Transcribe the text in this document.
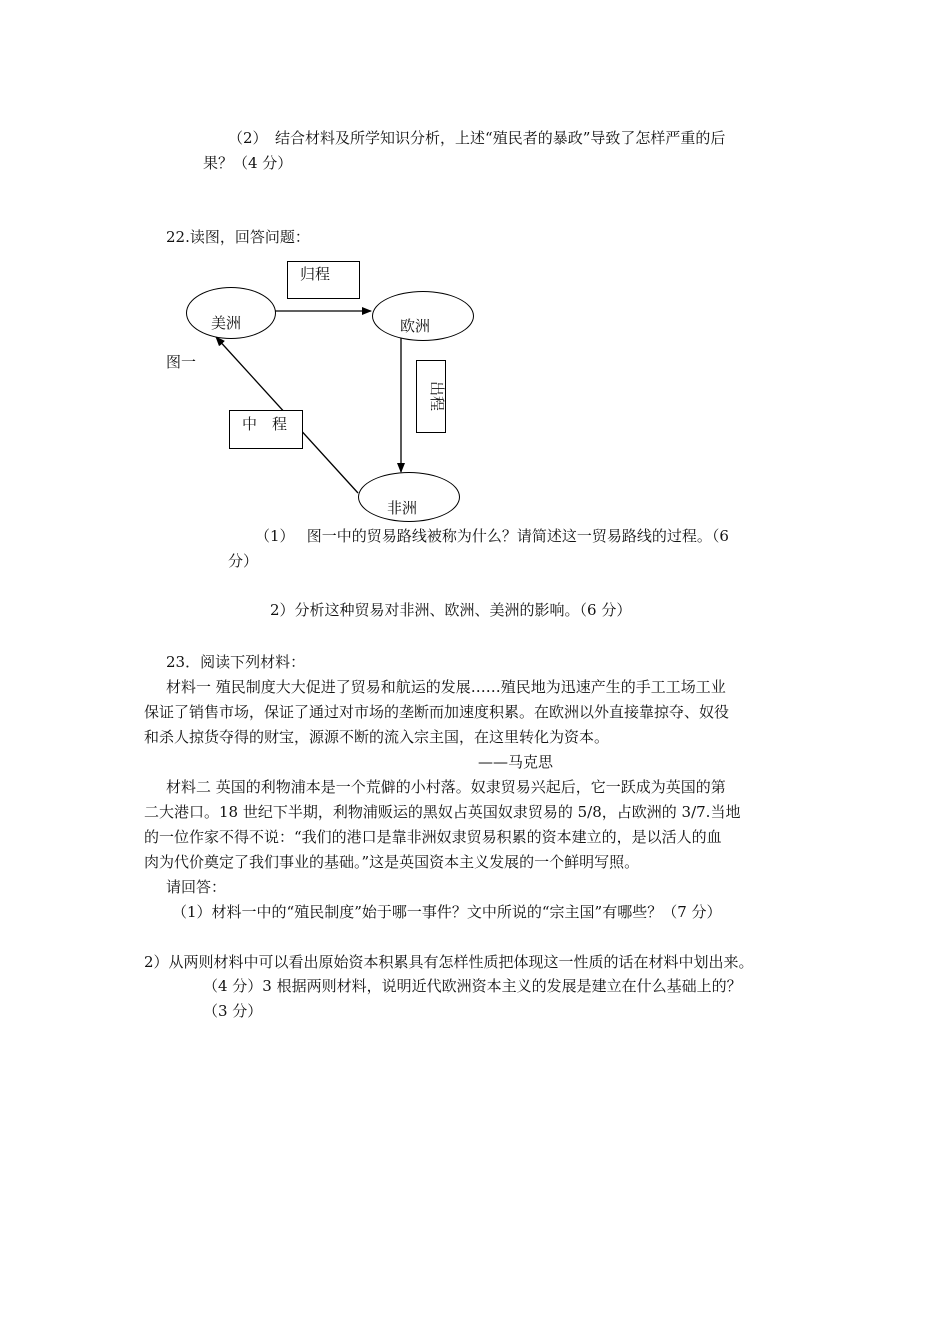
（2）　结合材料及所学知识分析，上述“殖民者的暴政”导致了怎样严重的后
果？（4 分）
22.读图，回答问题：
图一
归程
美洲	欧洲
出程
中　程
非洲
（1）　 图一中的贸易路线被称为什么？请简述这一贸易路线的过程。（6
分）
2）分析这种贸易对非洲、欧洲、美洲的影响。（6 分）
23．阅读下列材料：
材料一 殖民制度大大促进了贸易和航运的发展……殖民地为迅速产生的手工工场工业
保证了销售市场，保证了通过对市场的垄断而加速度积累。在欧洲以外直接靠掠夺、奴役
和杀人掠货夺得的财宝，源源不断的流入宗主国，在这里转化为资本。
——马克思
材料二 英国的利物浦本是一个荒僻的小村落。奴隶贸易兴起后，它一跃成为英国的第
二大港口。18 世纪下半期，利物浦贩运的黑奴占英国奴隶贸易的 5/8，占欧洲的 3/7.当地
的一位作家不得不说：“我们的港口是靠非洲奴隶贸易积累的资本建立的，是以活人的血
肉为代价奠定了我们事业的基础。”这是英国资本主义发展的一个鲜明写照。
请回答：
（1）材料一中的“殖民制度”始于哪一事件？文中所说的“宗主国”有哪些？（7 分）
2）从两则材料中可以看出原始资本积累具有怎样性质把体现这一性质的话在材料中划出来。
（4 分）3 根据两则材料，说明近代欧洲资本主义的发展是建立在什么基础上的？
（3 分）
